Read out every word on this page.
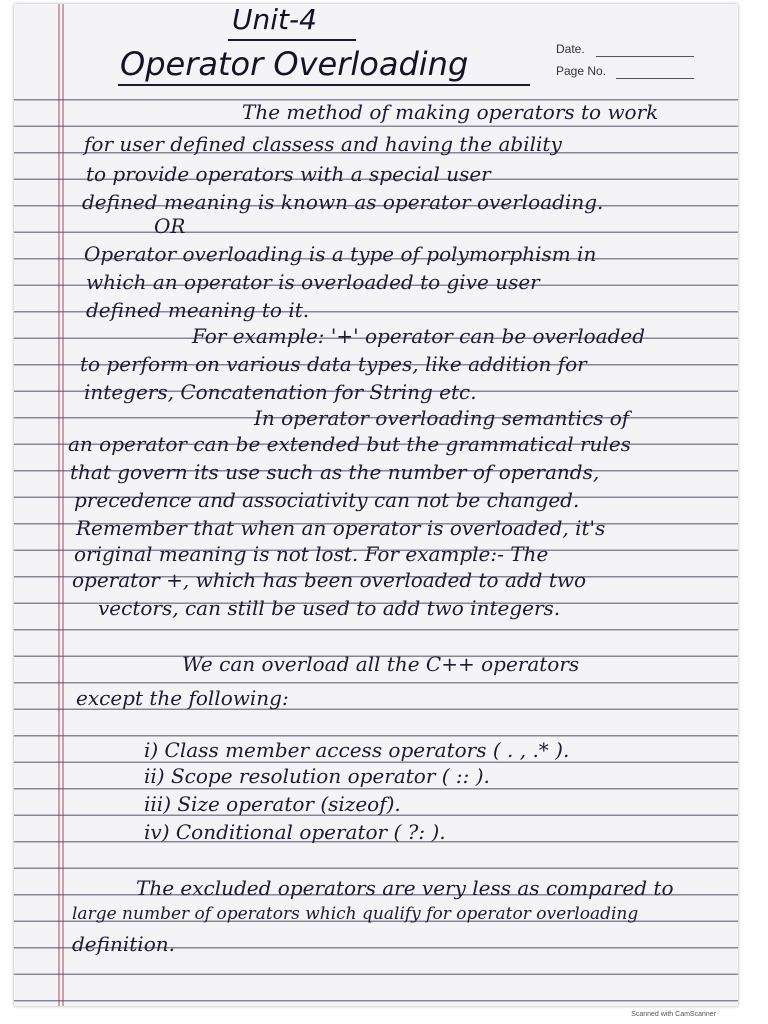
Unit-4
Operator Overloading	Date.
Page No.
The method of making operators to work
for user defined classess and having the ability
to provide operators with a special user
defined meaning is known as operator overloading.
OR
Operator overloading is a type of polymorphism in
which an operator is overloaded to give user
defined meaning to it.
For example: '+' operator can be overloaded
to perform on various data types, like addition for
integers, Concatenation for String etc.
In operator overloading semantics of
an operator can be extended but the grammatical rules
that govern its use such as the number of operands,
precedence and associativity can not be changed.
Remember that when an operator is overloaded, it's
original meaning is not lost. For example:- The
operator +, which has been overloaded to add two
vectors, can still be used to add two integers.
We can overload all the C++ operators
except the following:
i) Class member access operators ( . , .* ).
ii) Scope resolution operator ( :: ).
iii) Size operator (sizeof).
iv) Conditional operator ( ?: ).
The excluded operators are very less as compared to
large number of operators which qualify for operator overloading
definition.
Scanned with CamScanner
